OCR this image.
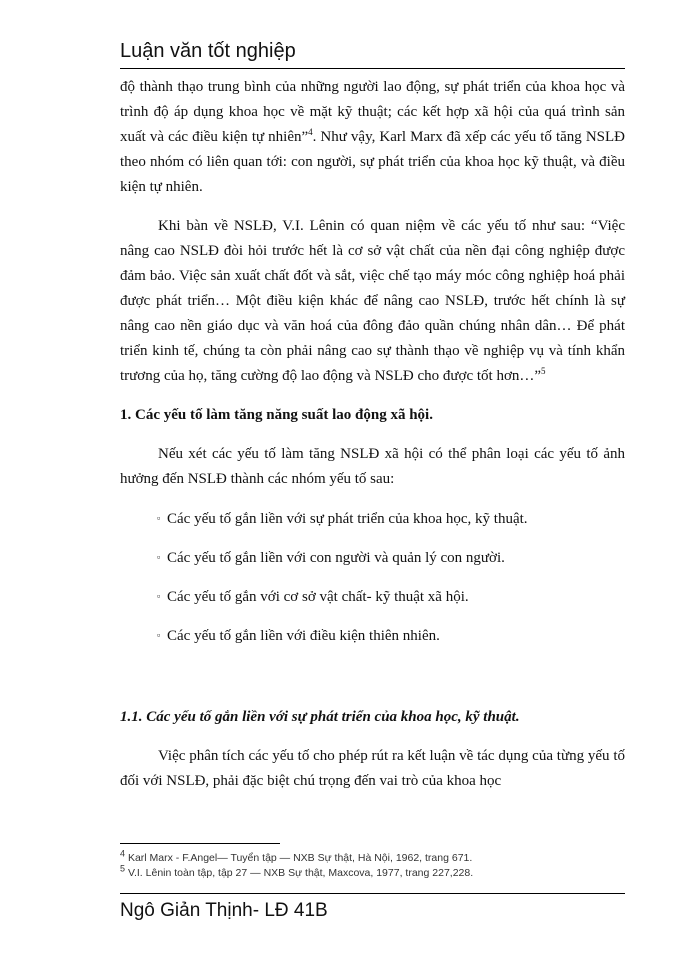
Luận văn tốt nghiệp

độ thành thạo trung bình của những người lao động, sự phát triển của khoa học và trình độ áp dụng khoa học về mặt kỹ thuật; các kết hợp xã hội của quá trình sản xuất và các điều kiện tự nhiên”$^4$. Như vậy, Karl Marx đã xếp các yếu tố tăng NSLĐ theo nhóm có liên quan tới: con người, sự phát triển của khoa học kỹ thuật, và điều kiện tự nhiên.

Khi bàn về NSLĐ, V.I. Lênin có quan niệm về các yếu tố như sau: “Việc nâng cao NSLĐ đòi hỏi trước hết là cơ sở vật chất của nền đại công nghiệp được đảm bảo. Việc sản xuất chất đốt và sắt, việc chế tạo máy móc công nghiệp hoá phải được phát triển… Một điều kiện khác để nâng cao NSLĐ, trước hết chính là sự nâng cao nền giáo dục và văn hoá của đông đảo quần chúng nhân dân… Để phát triển kinh tế, chúng ta còn phải nâng cao sự thành thạo về nghiệp vụ và tính khẩn trương của họ, tăng cường độ lao động và NSLĐ cho được tốt hơn…”$^5$

1. Các yếu tố làm tăng năng suất lao động xã hội.

Nếu xét các yếu tố làm tăng NSLĐ xã hội có thể phân loại các yếu tố ảnh hưởng đến NSLĐ thành các nhóm yếu tố sau:

▫ Các yếu tố gắn liền với sự phát triển của khoa học, kỹ thuật.
▫ Các yếu tố gắn liền với con người và quản lý con người.
▫ Các yếu tố gắn với cơ sở vật chất- kỹ thuật xã hội.
▫ Các yếu tố gắn liền với điều kiện thiên nhiên.

1.1. Các yếu tố gắn liền với sự phát triển của khoa học, kỹ thuật.

Việc phân tích các yếu tố cho phép rút ra kết luận về tác dụng của từng yếu tố đối với NSLĐ, phải đặc biệt chú trọng đến vai trò của khoa học

$^4$ Karl Marx - F.Angel— Tuyển tập — NXB Sự thật, Hà Nội, 1962, trang 671.
$^5$ V.I. Lênin toàn tập, tập 27 — NXB Sự thật, Maxcova, 1977, trang 227,228.
Ngô Giản Thịnh- LĐ 41B
